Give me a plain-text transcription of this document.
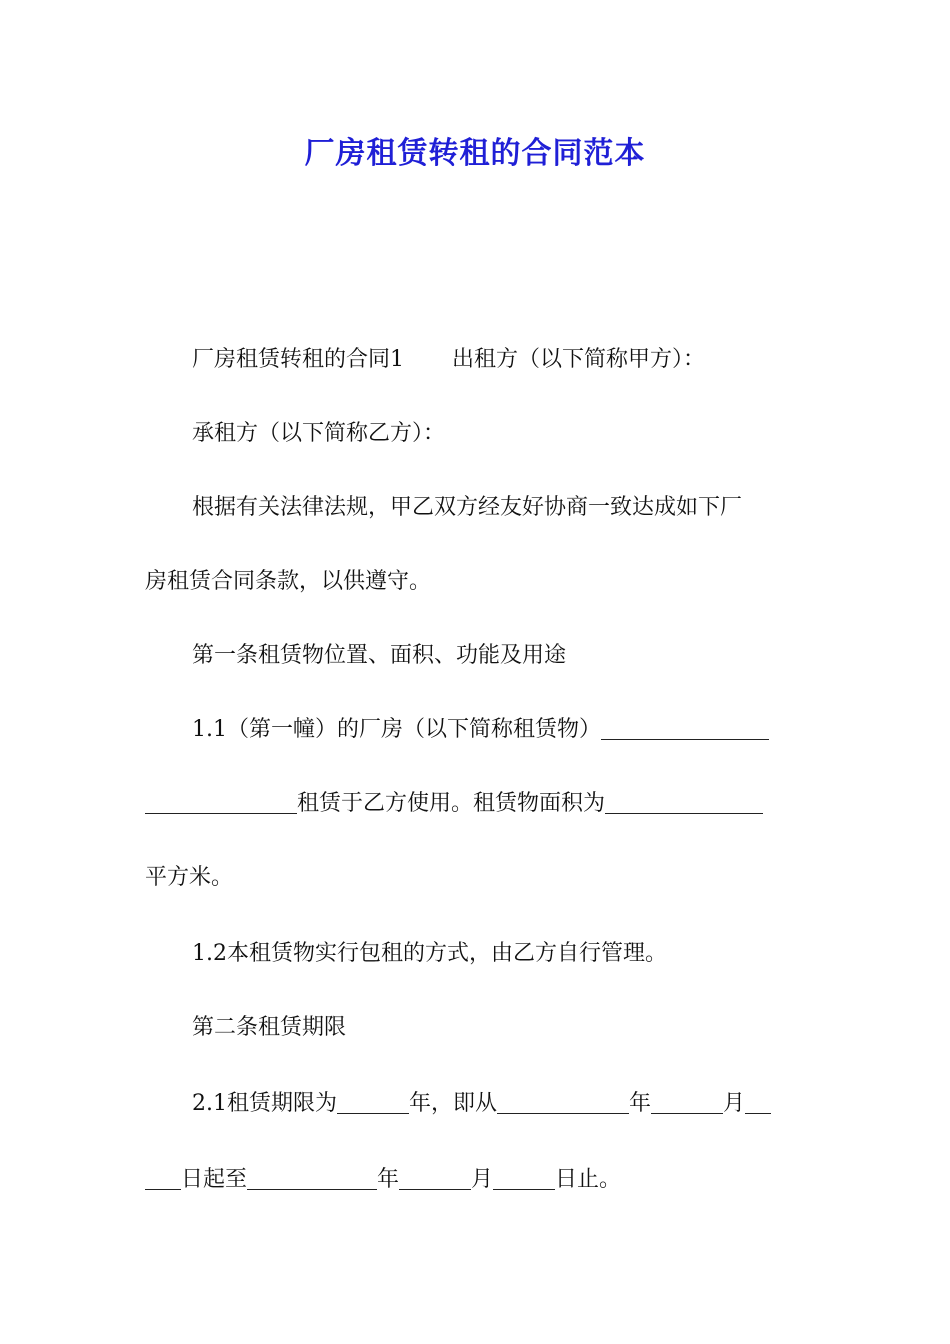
厂房租赁转租的合同范本
厂房租赁转租的合同1 出租方（以下简称甲方）：
承租方（以下简称乙方）：
根据有关法律法规，甲乙双方经友好协商一致达成如下厂
房租赁合同条款，以供遵守。
第一条租赁物位置、面积、功能及用途
1.1（第一幢）的厂房（以下简称租赁物）
租赁于乙方使用。租赁物面积为
平方米。
1.2本租赁物实行包租的方式，由乙方自行管理。
第二条租赁期限
2.1租赁期限为	年，即从	年	月
日起至	年	月	日止。
